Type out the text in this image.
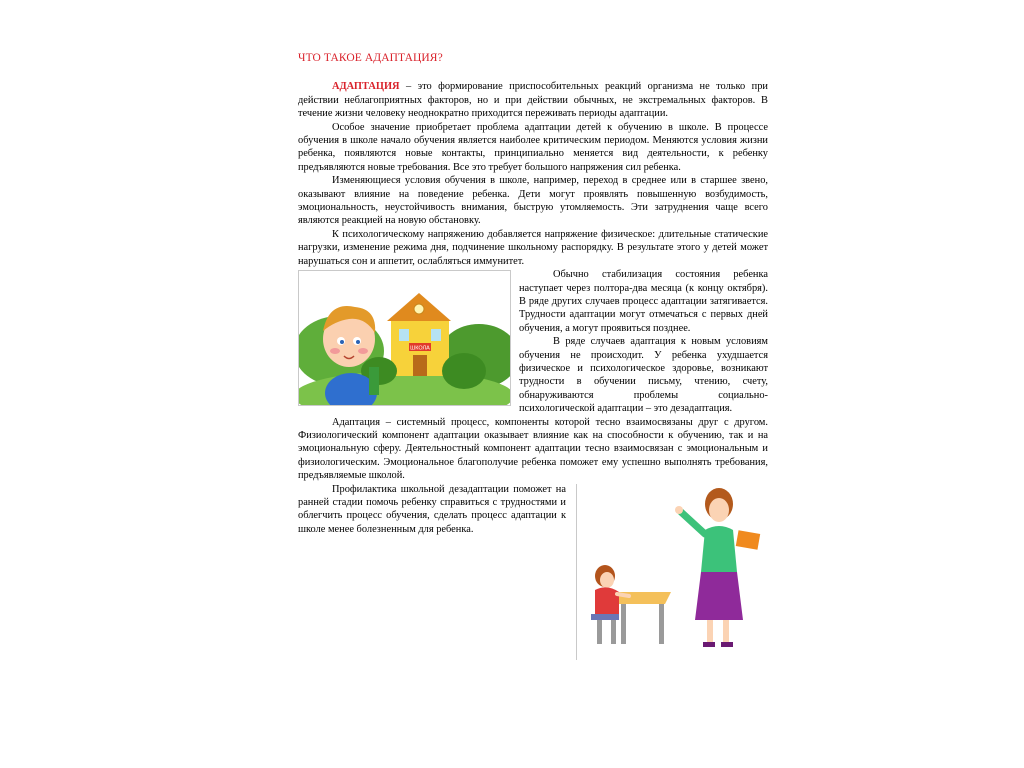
ЧТО ТАКОЕ АДАПТАЦИЯ?

АДАПТАЦИЯ – это формирование приспособительных реакций организма не только при действии неблагоприятных факторов, но и при действии обычных, не экстремальных факторов. В течение жизни человеку неоднократно приходится переживать периоды адаптации.

Особое значение приобретает проблема адаптации детей к обучению в школе. В процессе обучения в школе начало обучения является наиболее критическим периодом. Меняются условия жизни ребенка, появляются новые контакты, принципиально меняется вид деятельности, к ребенку предъявляются новые требования. Все это требует большого напряжения сил ребенка.

Изменяющиеся условия обучения в школе, например, переход в среднее или в старшее звено, оказывают влияние на поведение ребенка. Дети могут проявлять повышенную возбудимость, эмоциональность, неустойчивость внимания, быструю утомляемость. Эти затруднения чаще всего являются реакцией на новую обстановку.

К психологическому напряжению добавляется напряжение физическое: длительные статические нагрузки, изменение режима дня, подчинение школьному распорядку. В результате этого у детей может нарушаться сон и аппетит, ослабляться иммунитет.

ШКОЛА

Обычно стабилизация состояния ребенка наступает через полтора-два месяца (к концу октября). В ряде других случаев процесс адаптации затягивается. Трудности адаптации могут отмечаться с первых дней обучения, а могут проявиться позднее.

В ряде случаев адаптация к новым условиям обучения не происходит. У ребенка ухудшается физическое и психологическое здоровье, возникают трудности в обучении письму, чтению, счету, обнаруживаются проблемы социально-психологической адаптации – это дезадаптация.

Адаптация – системный процесс, компоненты которой тесно взаимосвязаны друг с другом. Физиологический компонент адаптации оказывает влияние как на способности к обучению, так и на эмоциональную сферу. Деятельностный компонент адаптации тесно взаимосвязан с эмоциональным и физиологическим. Эмоциональное благополучие ребенка поможет ему успешно выполнять требования, предъявляемые школой.

Профилактика школьной дезадаптации поможет на ранней стадии помочь ребенку справиться с трудностями и облегчить процесс обучения, сделать процесс адаптации к школе менее болезненным для ребенка.
